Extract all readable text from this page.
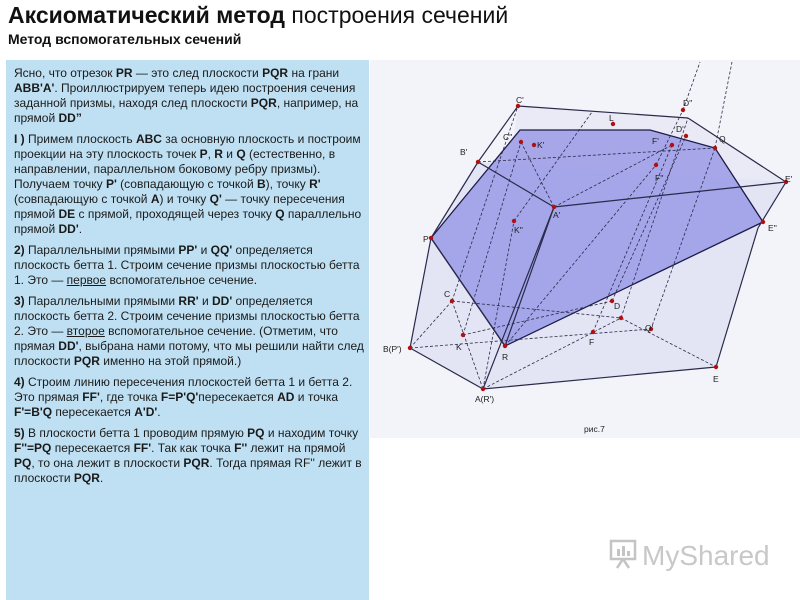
Аксиоматический метод построения сечений
Метод вспомогательных сечений

Ясно, что отрезок PR — это след плоскости PQR на грани ABB'A'. Проиллюстрируем теперь идею построения сечения заданной призмы, находя след плоскости PQR, например, на прямой DD”

I ) Примем плоскость ABC за основную плоскость и построим проекции на эту плоскость точек P, R и Q (естественно, в направлении, параллельном боковому ребру призмы). Получаем точку P' (совпадающую с точкой B), точку R' (совпадающую с точкой A) и точку Q' — точку пересечения прямой DE с прямой, проходящей через точку Q параллельно прямой DD'.

2) Параллельными прямыми PP' и QQ' определяется плоскость бетта 1. Строим сечение призмы плоскостью бетта 1. Это — первое вспомогательное сечение.

3) Параллельными прямыми RR' и DD' определяется плоскость бетта 2. Строим сечение призмы плоскостью бетта 2. Это — второе вспомогательное сечение. (Отметим, что прямая DD', выбрана нами потому, что мы решили найти след плоскости PQR именно на этой прямой.)

4) Строим линию пересечения плоскостей бетта 1 и бетта 2. Это прямая FF', где точка F=P'Q'пересекается AD и точка F'=B'Q пересекается A'D'.

5) В плоскости бетта 1 проводим прямую PQ и находим точку F''=PQ пересекается FF'. Так как точка F'' лежит на прямой PQ, то она лежит в плоскости PQR. Тогда прямая RF'' лежит в плоскости PQR.

C'
L
D''
D'
Q
B'
C''
K'	F'
F''	E'
A'
K''	E''
P
C
D
Q'
B(P')	K	F
R
E
A(R')
рис.7
MyShared
